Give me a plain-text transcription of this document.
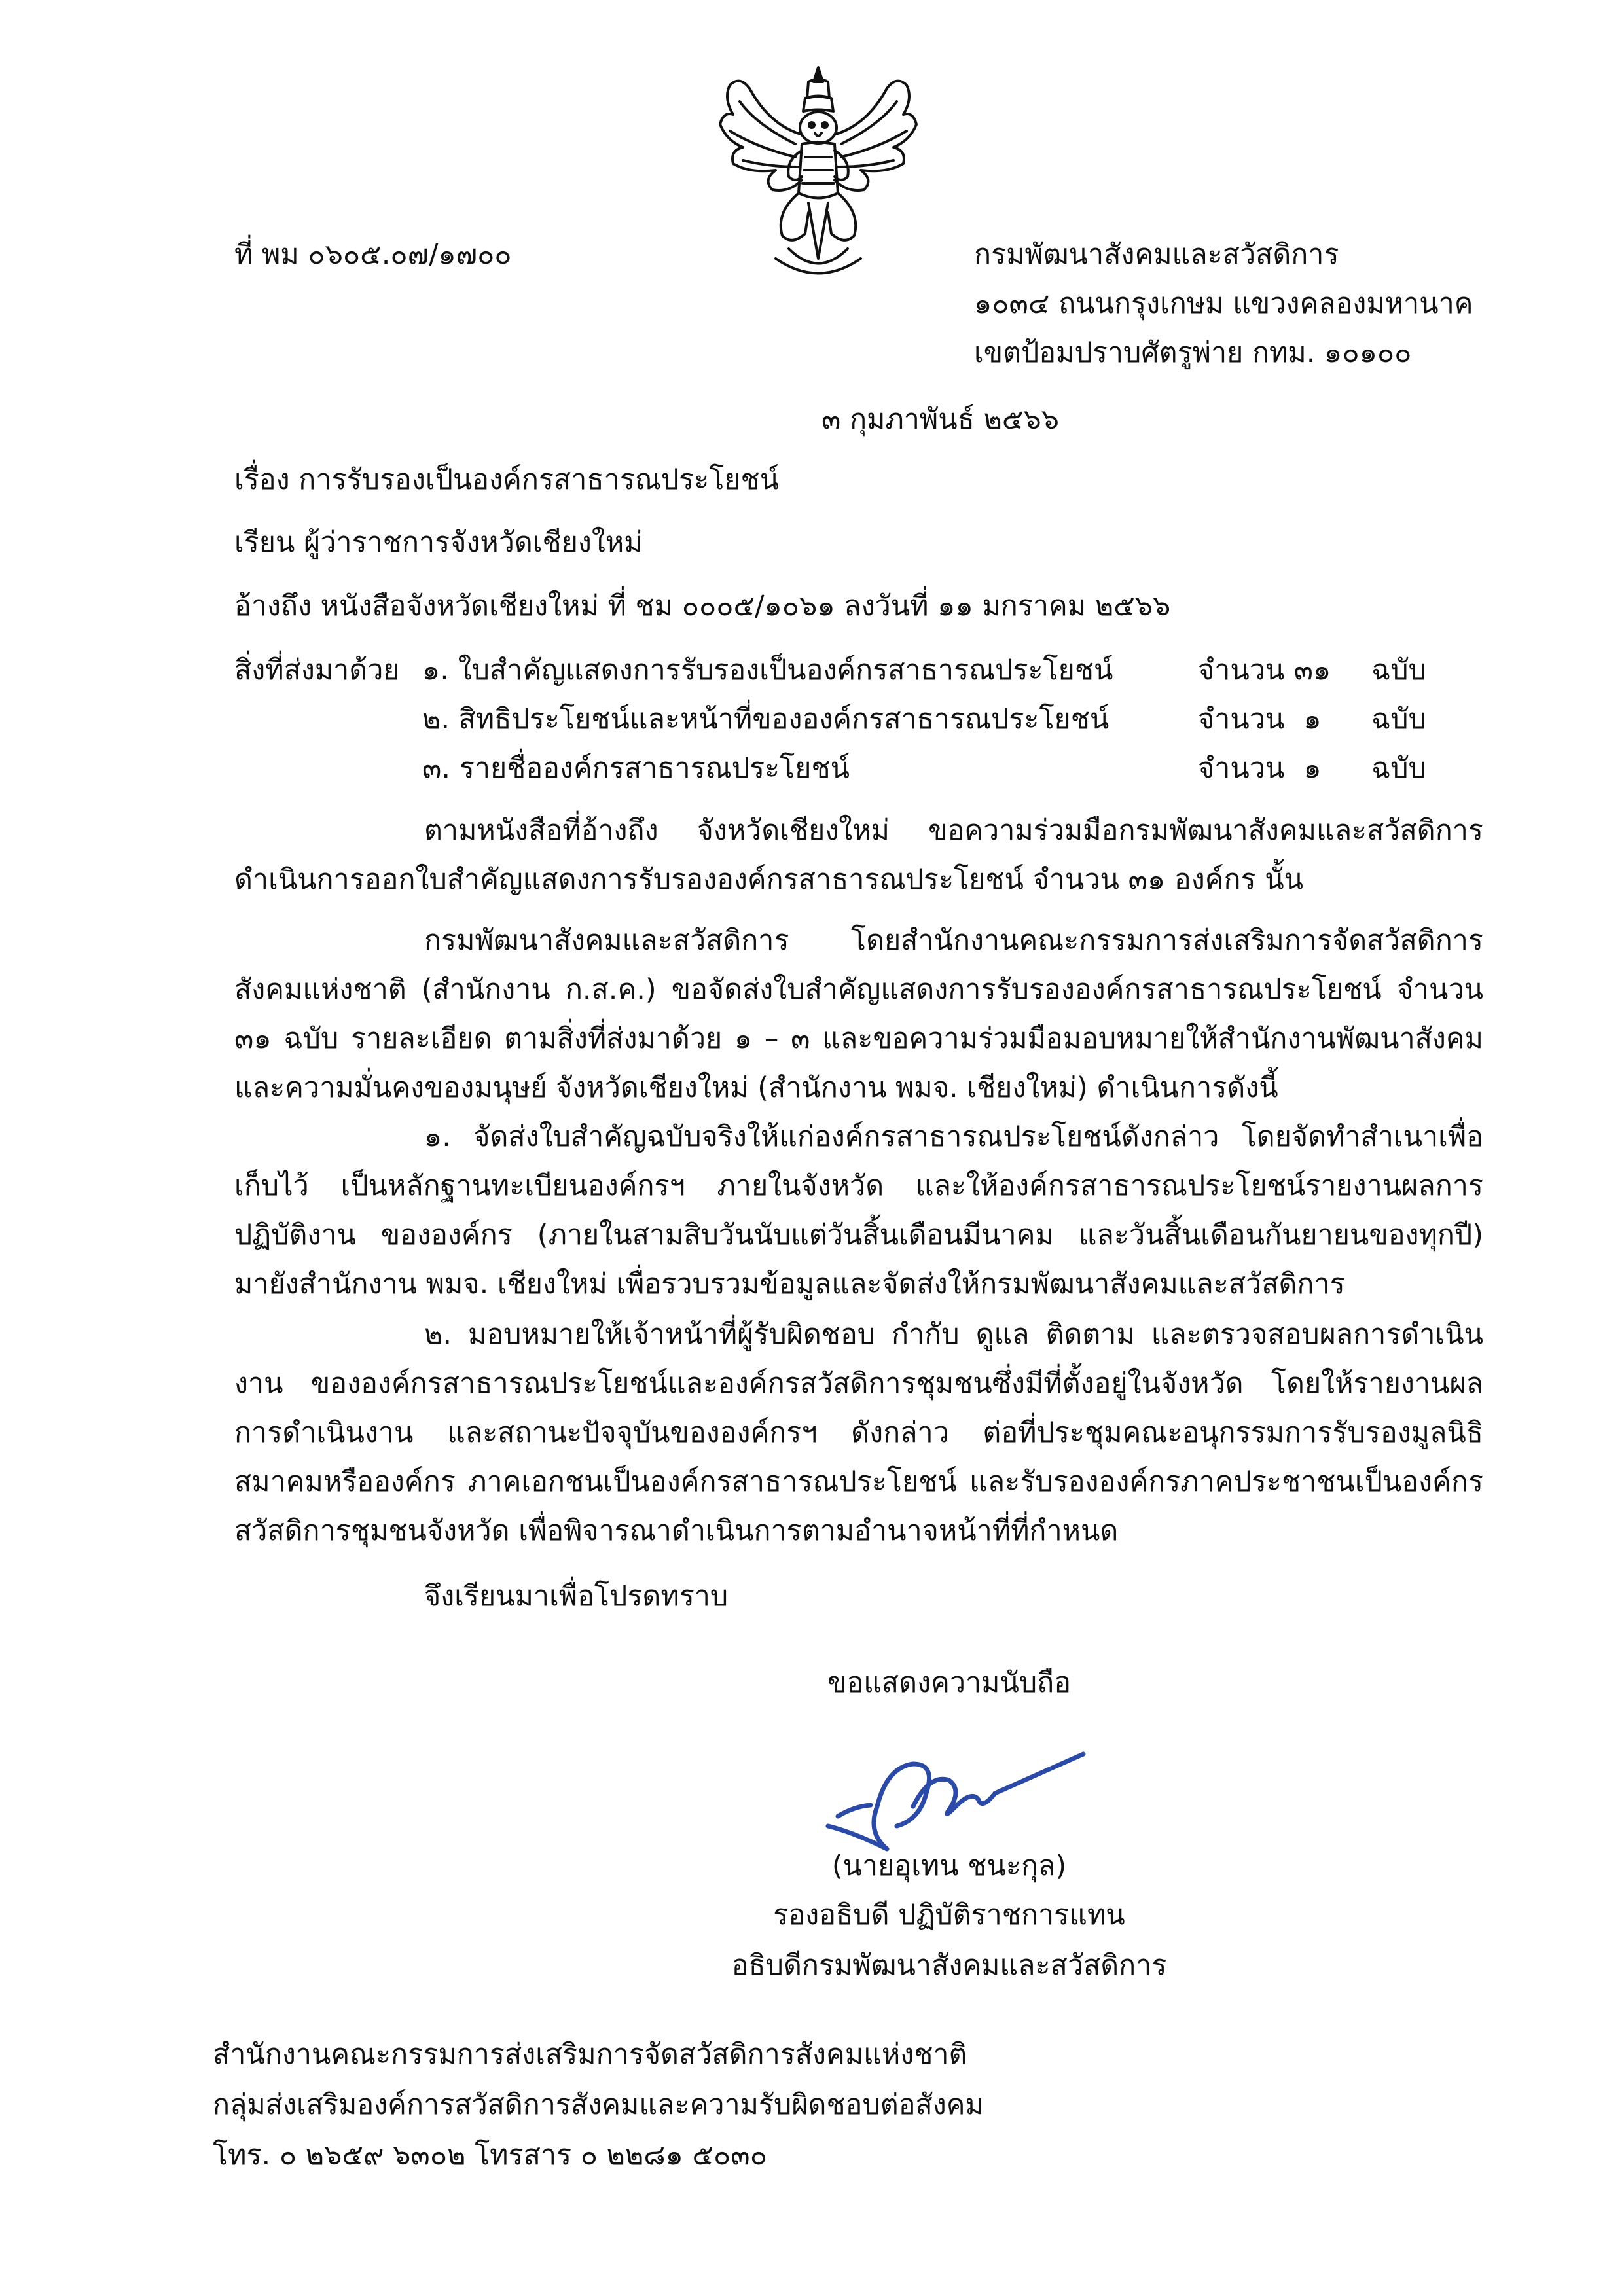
ที่ พม ๐๖๐๕.๐๗/๑๗๐๐	กรมพัฒนาสังคมและสวัสดิการ
๑๐๓๔ ถนนกรุงเกษม แขวงคลองมหานาค
เขตป้อมปราบศัตรูพ่าย กทม. ๑๐๑๐๐
๓ กุมภาพันธ์ ๒๕๖๖
เรื่อง การรับรองเป็นองค์กรสาธารณประโยชน์
เรียน ผู้ว่าราชการจังหวัดเชียงใหม่
อ้างถึง หนังสือจังหวัดเชียงใหม่ ที่ ชม ๐๐๐๕/๑๐๖๑ ลงวันที่ ๑๑ มกราคม ๒๕๖๖
สิ่งที่ส่งมาด้วย ๑. ใบสำคัญแสดงการรับรองเป็นองค์กรสาธารณประโยชน์	จำนวน ๓๑ ฉบับ
๒. สิทธิประโยชน์และหน้าที่ขององค์กรสาธารณประโยชน์	จำนวน ๑	ฉบับ
๓. รายชื่อองค์กรสาธารณประโยชน์	จำนวน ๑	ฉบับ
ตามหนังสือที่อ้างถึง จังหวัดเชียงใหม่ ขอความร่วมมือกรมพัฒนาสังคมและสวัสดิการ ดำเนินการออกใบสำคัญแสดงการรับรององค์กรสาธารณประโยชน์ จำนวน ๓๑ องค์กร นั้น
กรมพัฒนาสังคมและสวัสดิการ โดยสำนักงานคณะกรรมการส่งเสริมการจัดสวัสดิการสังคมแห่งชาติ (สำนักงาน ก.ส.ค.) ขอจัดส่งใบสำคัญแสดงการรับรององค์กรสาธารณประโยชน์ จำนวน ๓๑ ฉบับ รายละเอียด ตามสิ่งที่ส่งมาด้วย ๑ – ๓ และขอความร่วมมือมอบหมายให้สำนักงานพัฒนาสังคมและความมั่นคงของมนุษย์ จังหวัดเชียงใหม่ (สำนักงาน พมจ. เชียงใหม่) ดำเนินการดังนี้
๑. จัดส่งใบสำคัญฉบับจริงให้แก่องค์กรสาธารณประโยชน์ดังกล่าว โดยจัดทำสำเนาเพื่อเก็บไว้ เป็นหลักฐานทะเบียนองค์กรฯ ภายในจังหวัด และให้องค์กรสาธารณประโยชน์รายงานผลการปฏิบัติงาน ขององค์กร (ภายในสามสิบวันนับแต่วันสิ้นเดือนมีนาคม และวันสิ้นเดือนกันยายนของทุกปี) มายังสำนักงาน พมจ. เชียงใหม่ เพื่อรวบรวมข้อมูลและจัดส่งให้กรมพัฒนาสังคมและสวัสดิการ
๒. มอบหมายให้เจ้าหน้าที่ผู้รับผิดชอบ กำกับ ดูแล ติดตาม และตรวจสอบผลการดำเนินงาน ขององค์กรสาธารณประโยชน์และองค์กรสวัสดิการชุมชนซึ่งมีที่ตั้งอยู่ในจังหวัด โดยให้รายงานผลการดำเนินงาน และสถานะปัจจุบันขององค์กรฯ ดังกล่าว ต่อที่ประชุมคณะอนุกรรมการรับรองมูลนิธิ สมาคมหรือองค์กร ภาคเอกชนเป็นองค์กรสาธารณประโยชน์ และรับรององค์กรภาคประชาชนเป็นองค์กรสวัสดิการชุมชนจังหวัด เพื่อพิจารณาดำเนินการตามอำนาจหน้าที่ที่กำหนด
จึงเรียนมาเพื่อโปรดทราบ
ขอแสดงความนับถือ
(นายอุเทน ชนะกุล)
รองอธิบดี ปฏิบัติราชการแทน
อธิบดีกรมพัฒนาสังคมและสวัสดิการ
สำนักงานคณะกรรมการส่งเสริมการจัดสวัสดิการสังคมแห่งชาติ
กลุ่มส่งเสริมองค์การสวัสดิการสังคมและความรับผิดชอบต่อสังคม
โทร. ๐ ๒๖๕๙ ๖๓๐๒ โทรสาร ๐ ๒๒๘๑ ๕๐๓๐
